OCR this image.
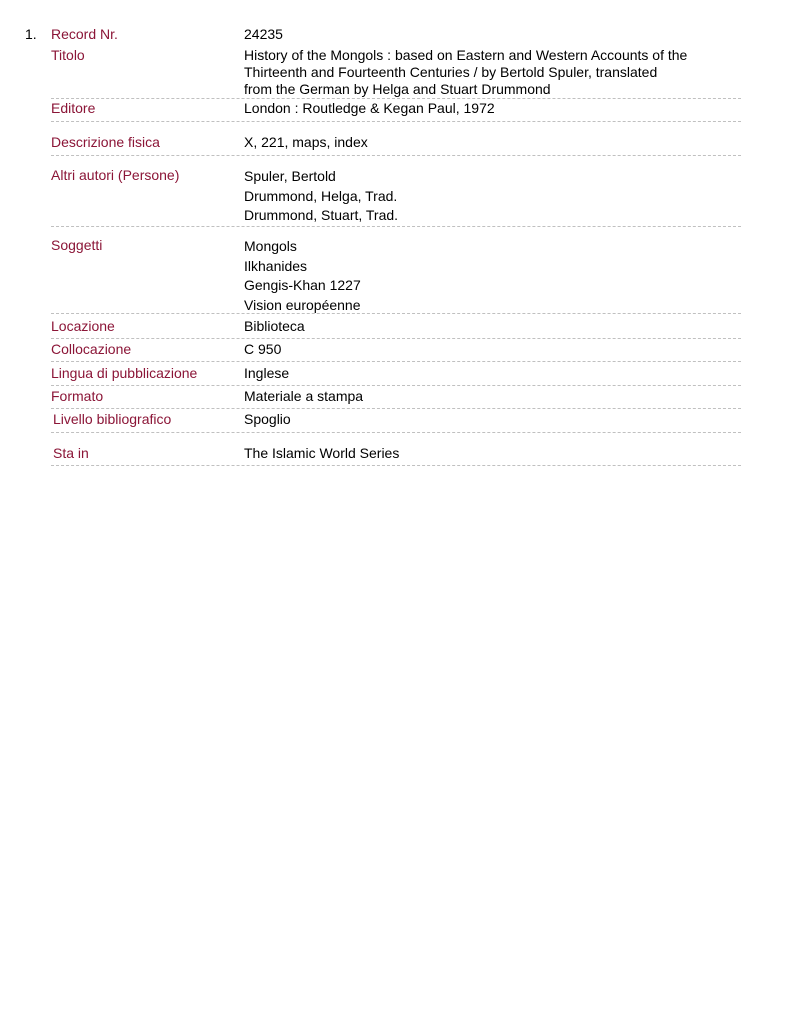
1. Record Nr.	24235
Titolo	History of the Mongols : based on Eastern and Western Accounts of the
Thirteenth and Fourteenth Centuries / by Bertold Spuler, translated
from the German by Helga and Stuart Drummond
Editore	London : Routledge & Kegan Paul, 1972
Descrizione fisica	X, 221, maps, index
Altri autori (Persone)	Spuler, Bertold
Drummond, Helga, Trad.
Drummond, Stuart, Trad.
Soggetti	Mongols
Ilkhanides
Gengis-Khan 1227
Vision européenne
Locazione	Biblioteca
Collocazione	C 950
Lingua di pubblicazione	Inglese
Formato	Materiale a stampa
Livello bibliografico	Spoglio
Sta in	The Islamic World Series
